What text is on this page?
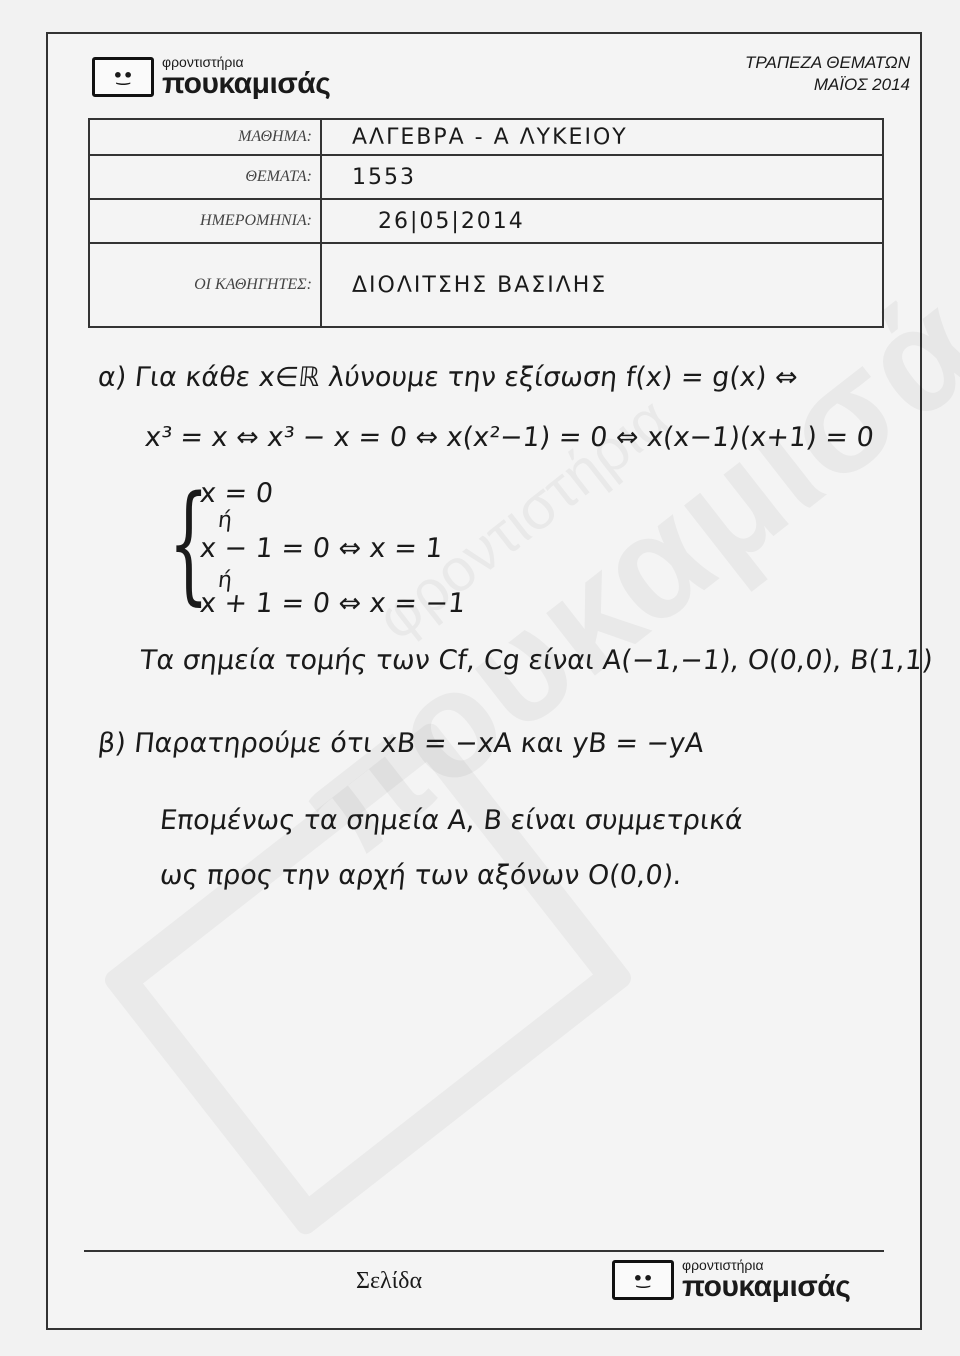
•͜•
φροντιστήρια
πουκαμισάς
ΤΡΑΠΕΖΑ ΘΕΜΑΤΩΝ
ΜΑΪΟΣ 2014
ΜΑΘΗΜΑ:	ΑΛΓΕΒΡΑ - Α ΛΥΚΕΙΟΥ
ΘΕΜΑΤΑ:	1553
ΗΜΕΡΟΜΗΝΙΑ:	26|05|2014
ΟΙ ΚΑΘΗΓΗΤΕΣ:	ΔΙΟΛΙΤΣΗΣ ΒΑΣΙΛΗΣ
α) Για κάθε x∈ℝ λύνουμε την εξίσωση f(x) = g(x) ⇔
x³ = x ⇔ x³ − x = 0 ⇔ x(x²−1) = 0 ⇔ x(x−1)(x+1) = 0
{
x = 0
ή
x − 1 = 0 ⇔ x = 1
ή
x + 1 = 0 ⇔ x = −1
Τα σημεία τομής των Cf, Cg είναι A(−1,−1), O(0,0), B(1,1)
β) Παρατηρούμε ότι xB = −xA και yB = −yA
Επομένως τα σημεία A, B είναι συμμετρικά
ως προς την αρχή των αξόνων O(0,0).
Σελίδα	•͜•
φροντιστήρια
πουκαμισάς
